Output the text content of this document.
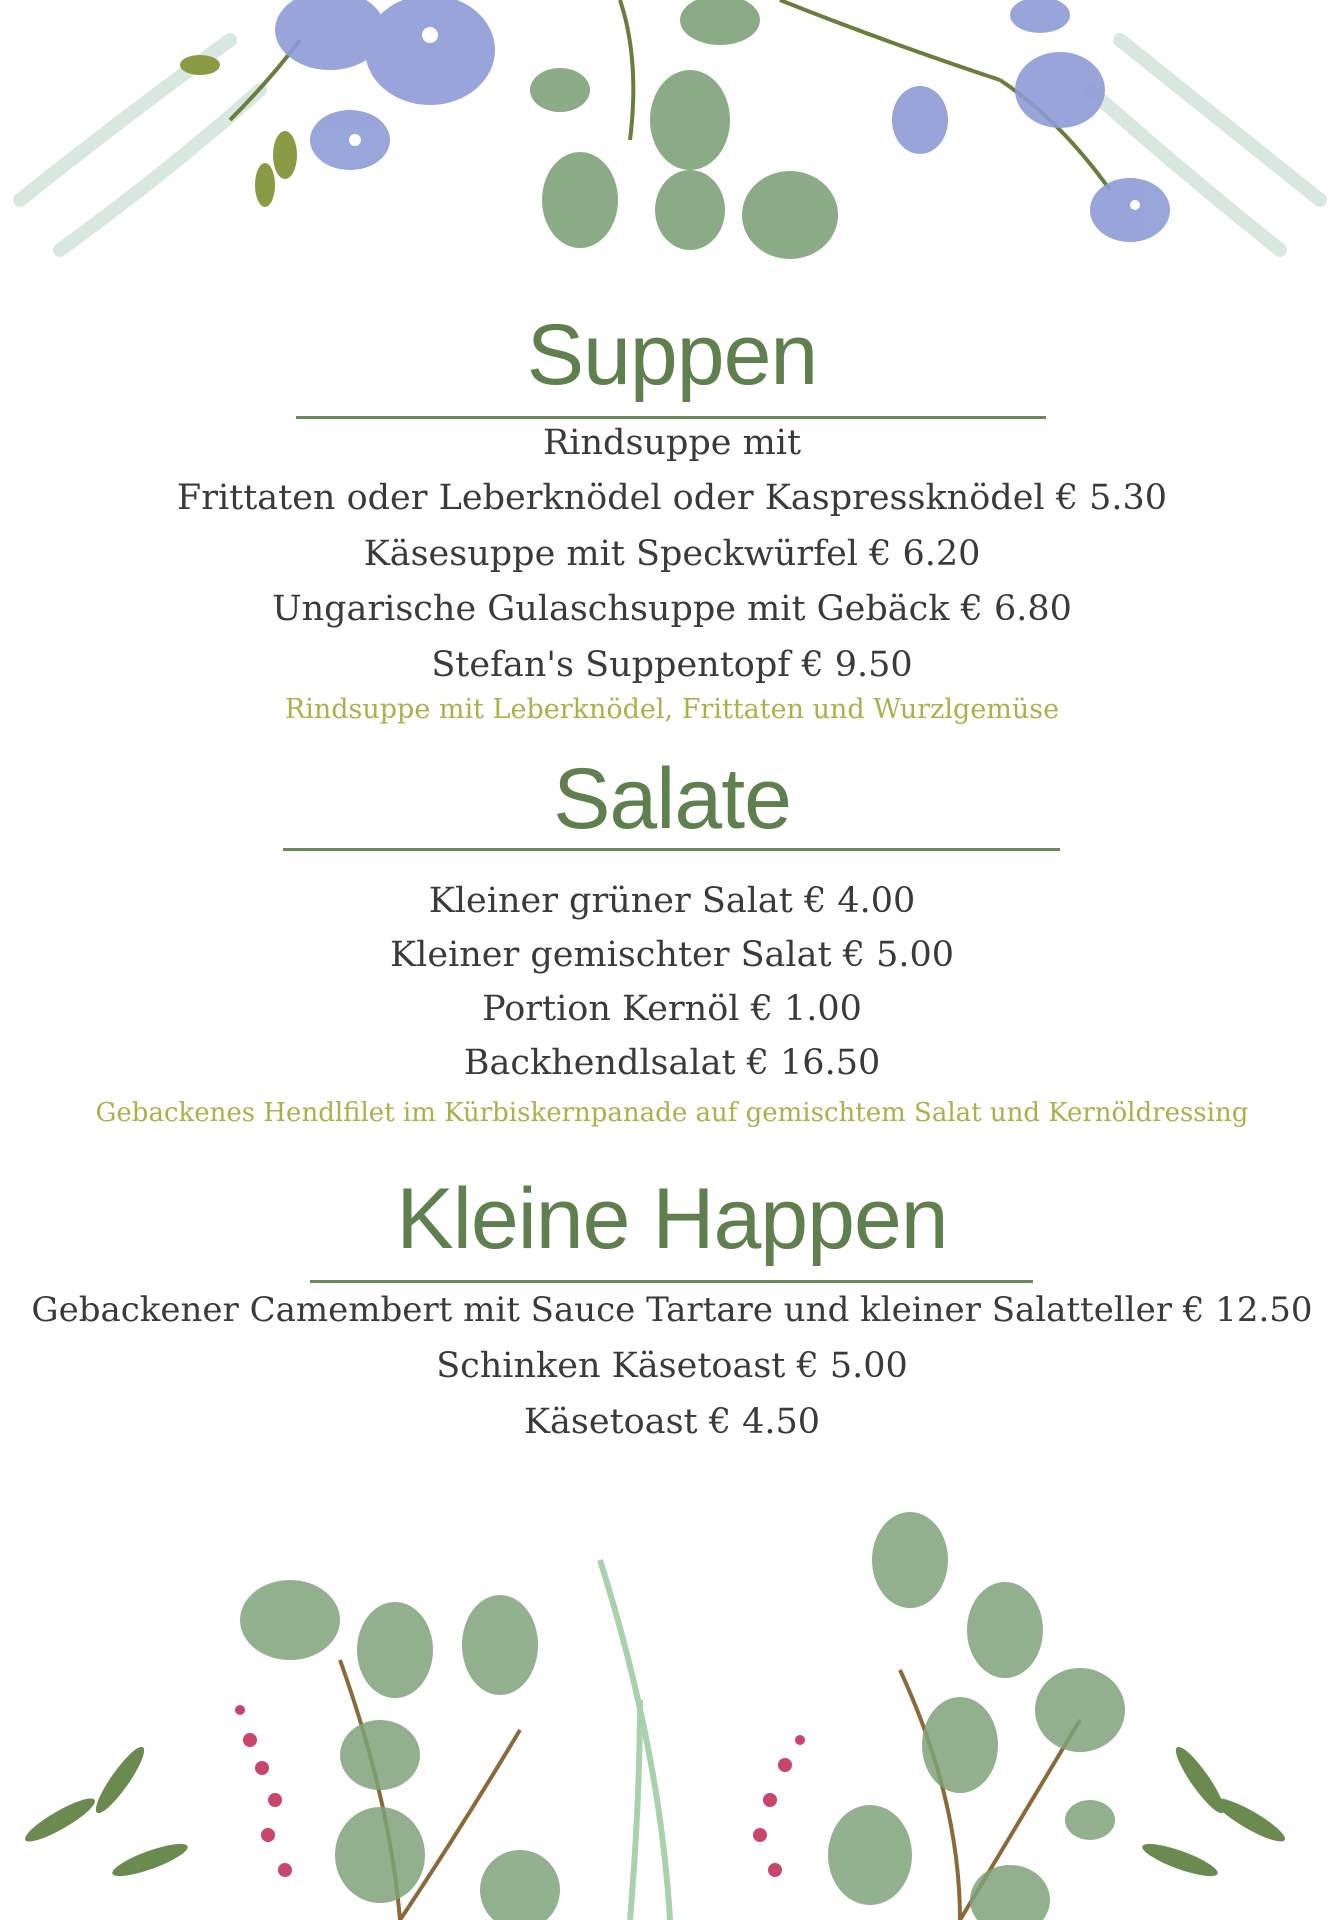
Suppen
Rindsuppe mit
Frittaten oder Leberknödel oder Kaspressknödel € 5.30
Käsesuppe mit Speckwürfel € 6.20
Ungarische Gulaschsuppe mit Gebäck € 6.80
Stefan's Suppentopf € 9.50
Rindsuppe mit Leberknödel, Frittaten und Wurzlgemüse
Salate
Kleiner grüner Salat € 4.00
Kleiner gemischter Salat € 5.00
Portion Kernöl € 1.00
Backhendlsalat € 16.50
Gebackenes Hendlfilet im Kürbiskernpanade auf gemischtem Salat und Kernöldressing
Kleine Happen
Gebackener Camembert mit Sauce Tartare und kleiner Salatteller € 12.50
Schinken Käsetoast € 5.00
Käsetoast € 4.50
